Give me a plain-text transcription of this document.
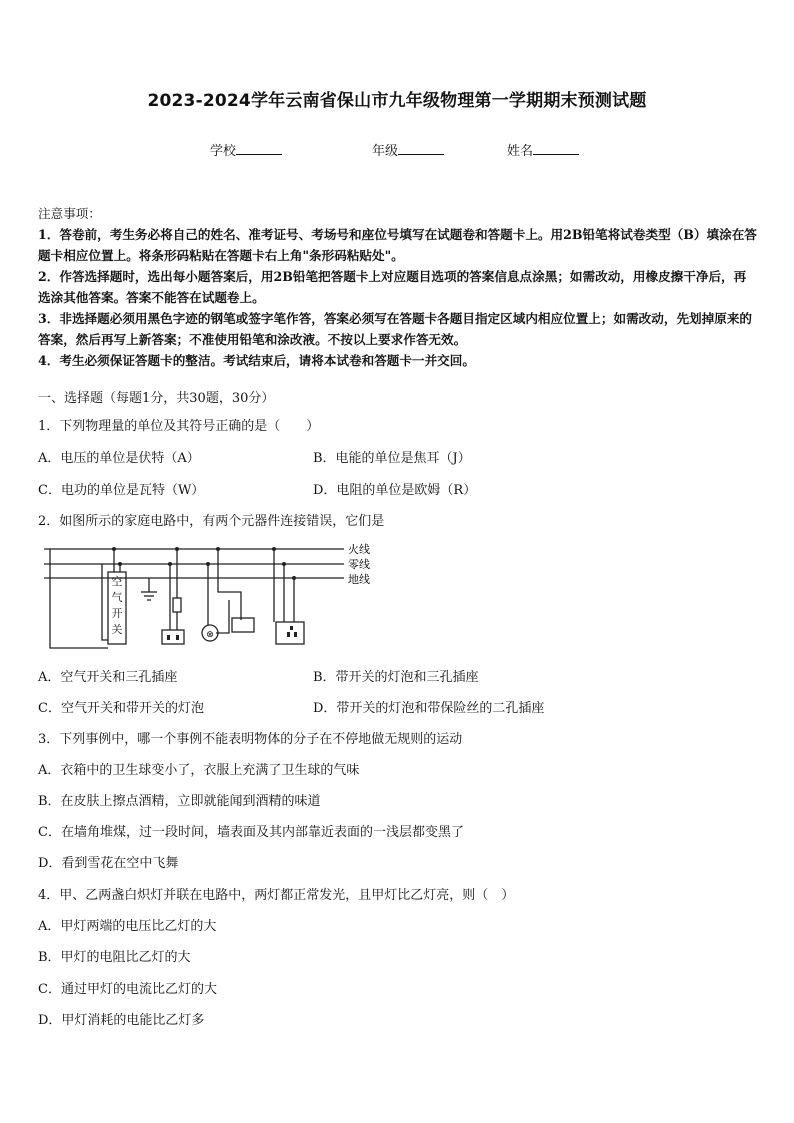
2023-2024学年云南省保山市九年级物理第一学期期末预测试题
学校	年级	姓名

注意事项：

1．答卷前，考生务必将自己的姓名、准考证号、考场号和座位号填写在试题卷和答题卡上。用2B铅笔将试卷类型（B）填涂在答题卡相应位置上。将条形码粘贴在答题卡右上角"条形码粘贴处"。

2．作答选择题时，选出每小题答案后，用2B铅笔把答题卡上对应题目选项的答案信息点涂黑；如需改动，用橡皮擦干净后，再选涂其他答案。答案不能答在试题卷上。

3．非选择题必须用黑色字迹的钢笔或签字笔作答，答案必须写在答题卡各题目指定区域内相应位置上；如需改动，先划掉原来的答案，然后再写上新答案；不准使用铅笔和涂改液。不按以上要求作答无效。

4．考生必须保证答题卡的整洁。考试结束后，请将本试卷和答题卡一并交回。

一、选择题（每题1分，共30题，30分）
1．下列物理量的单位及其符号正确的是（　　）
A．电压的单位是伏特（A）	B．电能的单位是焦耳（J）
C．电功的单位是瓦特（W）	D．电阻的单位是欧姆（R）
2．如图所示的家庭电路中，有两个元器件连接错误，它们是
⊗
火线
零线
地线
空气开关
A．空气开关和三孔插座	B．带开关的灯泡和三孔插座
C．空气开关和带开关的灯泡	D．带开关的灯泡和带保险丝的二孔插座
3．下列事例中，哪一个事例不能表明物体的分子在不停地做无规则的运动
A．衣箱中的卫生球变小了，衣服上充满了卫生球的气味
B．在皮肤上擦点酒精，立即就能闻到酒精的味道
C．在墙角堆煤，过一段时间，墙表面及其内部靠近表面的一浅层都变黑了
D．看到雪花在空中飞舞
4．甲、乙两盏白炽灯并联在电路中，两灯都正常发光，且甲灯比乙灯亮，则（　）
A．甲灯两端的电压比乙灯的大
B．甲灯的电阻比乙灯的大
C．通过甲灯的电流比乙灯的大
D．甲灯消耗的电能比乙灯多
